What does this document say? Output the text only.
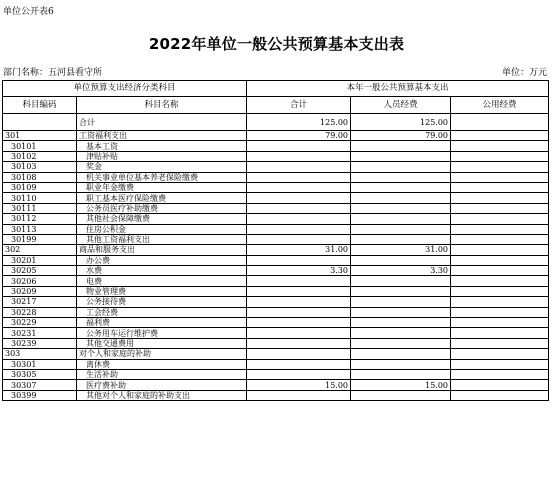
单位公开表6
2022年单位一般公共预算基本支出表
部门名称：五河县看守所	单位：万元
单位预算支出经济分类科目		本年一般公共预算基本支出		
科目编码	科目名称	合计	人员经费	公用经费
	合计	125.00	125.00	
301	工资福利支出	79.00	79.00	
30101	基本工资			
30102	津贴补贴			
30103	奖金			
30108	机关事业单位基本养老保险缴费			
30109	职业年金缴费			
30110	职工基本医疗保险缴费			
30111	公务员医疗补助缴费			
30112	其他社会保障缴费			
30113	住房公积金			
30199	其他工资福利支出			
302	商品和服务支出	31.00	31.00	
30201	办公费			
30205	水费	3.30	3.30	
30206	电费			
30209	物业管理费			
30217	公务接待费			
30228	工会经费			
30229	福利费			
30231	公务用车运行维护费			
30239	其他交通费用			
303	对个人和家庭的补助			
30301	离休费			
30305	生活补助			
30307	医疗费补助	15.00	15.00	
30399	其他对个人和家庭的补助支出			
